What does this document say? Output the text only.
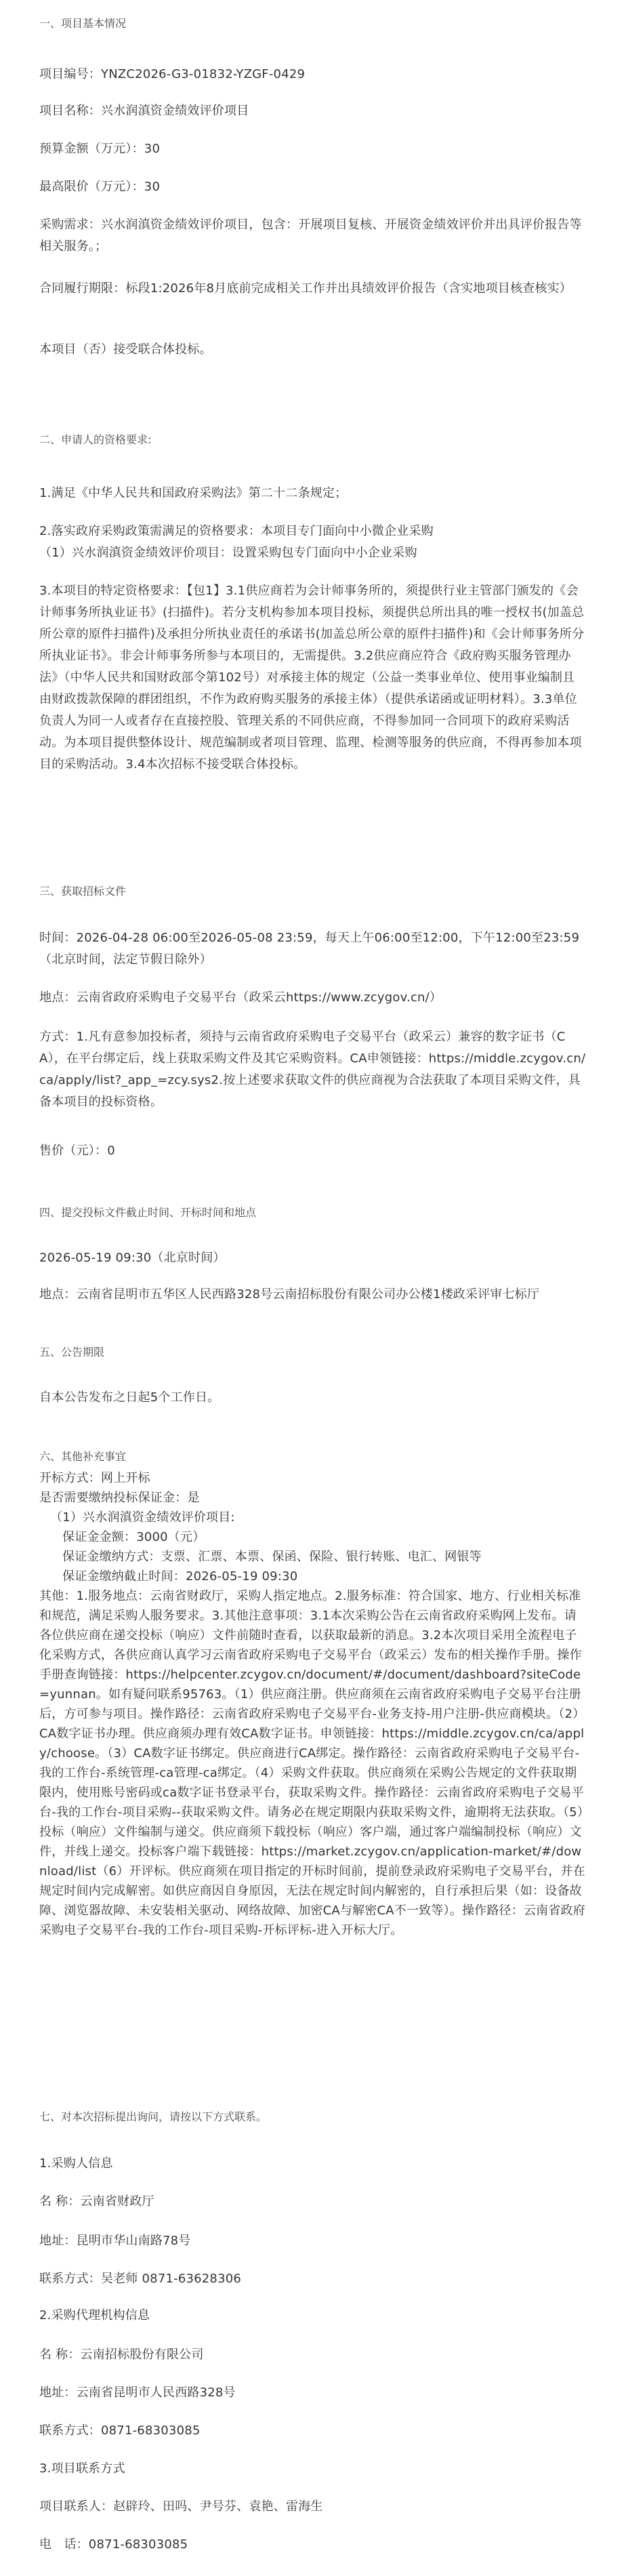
一、项目基本情况

项目编号：YNZC2026-G3-01832-YZGF-0429

项目名称：兴水润滇资金绩效评价项目

预算金额（万元）：30

最高限价（万元）：30

采购需求：兴水润滇资金绩效评价项目，包含：开展项目复核、开展资金绩效评价并出具评价报告等相关服务。；

合同履行期限：标段1:2026年8月底前完成相关工作并出具绩效评价报告（含实地项目核查核实）

本项目（否）接受联合体投标。

二、申请人的资格要求:

1.满足《中华人民共和国政府采购法》第二十二条规定；

2.落实政府采购政策需满足的资格要求：本项目专门面向中小微企业采购

（1）兴水润滇资金绩效评价项目：设置采购包专门面向中小企业采购

3.本项目的特定资格要求：【包1】3.1供应商若为会计师事务所的，须提供行业主管部门颁发的《会计师事务所执业证书》(扫描件)。若分支机构参加本项目投标，须提供总所出具的唯一授权书(加盖总所公章的原件扫描件)及承担分所执业责任的承诺书(加盖总所公章的原件扫描件)和《会计师事务所分所执业证书》。非会计师事务所参与本项目的，无需提供。3.2供应商应符合《政府购买服务管理办法》（中华人民共和国财政部令第102号）对承接主体的规定（公益一类事业单位、使用事业编制且由财政拨款保障的群团组织，不作为政府购买服务的承接主体）（提供承诺函或证明材料）。3.3单位负责人为同一人或者存在直接控股、管理关系的不同供应商，不得参加同一合同项下的政府采购活动。为本项目提供整体设计、规范编制或者项目管理、监理、检测等服务的供应商，不得再参加本项目的采购活动。3.4本次招标不接受联合体投标。

三、获取招标文件

时间：2026-04-28 06:00至2026-05-08 23:59，每天上午06:00至12:00，下午12:00至23:59（北京时间，法定节假日除外）

地点：云南省政府采购电子交易平台（政采云https://www.zcygov.cn/）

方式：1.凡有意参加投标者，须持与云南省政府采购电子交易平台（政采云）兼容的数字证书（CA），在平台绑定后，线上获取采购文件及其它采购资料。CA申领链接：https://middle.zcygov.cn/ca/apply/list?_app_=zcy.sys2.按上述要求获取文件的供应商视为合法获取了本项目采购文件，具备本项目的投标资格。

售价（元）：0

四、提交投标文件截止时间、开标时间和地点

2026-05-19 09:30（北京时间）

地点：云南省昆明市五华区人民西路328号云南招标股份有限公司办公楼1楼政采评审七标厅

五、公告期限

自本公告发布之日起5个工作日。

六、其他补充事宜

开标方式：网上开标
是否需要缴纳投标保证金：是
（1）兴水润滇资金绩效评价项目:
保证金金额：3000（元）
保证金缴纳方式：支票、汇票、本票、保函、保险、银行转账、电汇、网银等
保证金缴纳截止时间：2026-05-19 09:30

其他：1.服务地点：云南省财政厅，采购人指定地点。2.服务标准：符合国家、地方、行业相关标准和规范，满足采购人服务要求。3.其他注意事项：3.1本次采购公告在云南省政府采购网上发布。请各位供应商在递交投标（响应）文件前随时查看，以获取最新的消息。3.2本次项目采用全流程电子化采购方式，各供应商认真学习云南省政府采购电子交易平台（政采云）发布的相关操作手册。操作手册查询链接：https://helpcenter.zcygov.cn/document/#/document/dashboard?siteCode=yunnan。如有疑问联系95763。（1）供应商注册。供应商须在云南省政府采购电子交易平台注册后，方可参与项目。操作路径：云南省政府采购电子交易平台-业务支持-用户注册-供应商模块。（2）CA数字证书办理。供应商须办理有效CA数字证书。申领链接：https://middle.zcygov.cn/ca/apply/choose。（3）CA数字证书绑定。供应商进行CA绑定。操作路径：云南省政府采购电子交易平台-我的工作台-系统管理-ca管理-ca绑定。（4）采购文件获取。供应商须在采购公告规定的文件获取期限内，使用账号密码或ca数字证书登录平台，获取采购文件。操作路径：云南省政府采购电子交易平台-我的工作台-项目采购--获取采购文件。请务必在规定期限内获取采购文件，逾期将无法获取。（5）投标（响应）文件编制与递交。供应商须下载投标（响应）客户端，通过客户端编制投标（响应）文件，并线上递交。投标客户端下载链接：https://market.zcygov.cn/application-market/#/download/list（6）开评标。供应商须在项目指定的开标时间前，提前登录政府采购电子交易平台，并在规定时间内完成解密。如供应商因自身原因，无法在规定时间内解密的，自行承担后果（如：设备故障、浏览器故障、未安装相关驱动、网络故障、加密CA与解密CA不一致等）。操作路径：云南省政府采购电子交易平台-我的工作台-项目采购-开标评标-进入开标大厅。

七、对本次招标提出询问，请按以下方式联系。

1.采购人信息

名 称：云南省财政厅

地址：昆明市华山南路78号

联系方式：吴老师 0871-63628306

2.采购代理机构信息

名 称：云南招标股份有限公司

地址：云南省昆明市人民西路328号

联系方式：0871-68303085

3.项目联系方式

项目联系人：赵辟玲、田吗、尹号芬、袁艳、雷海生

电　话：0871-68303085
